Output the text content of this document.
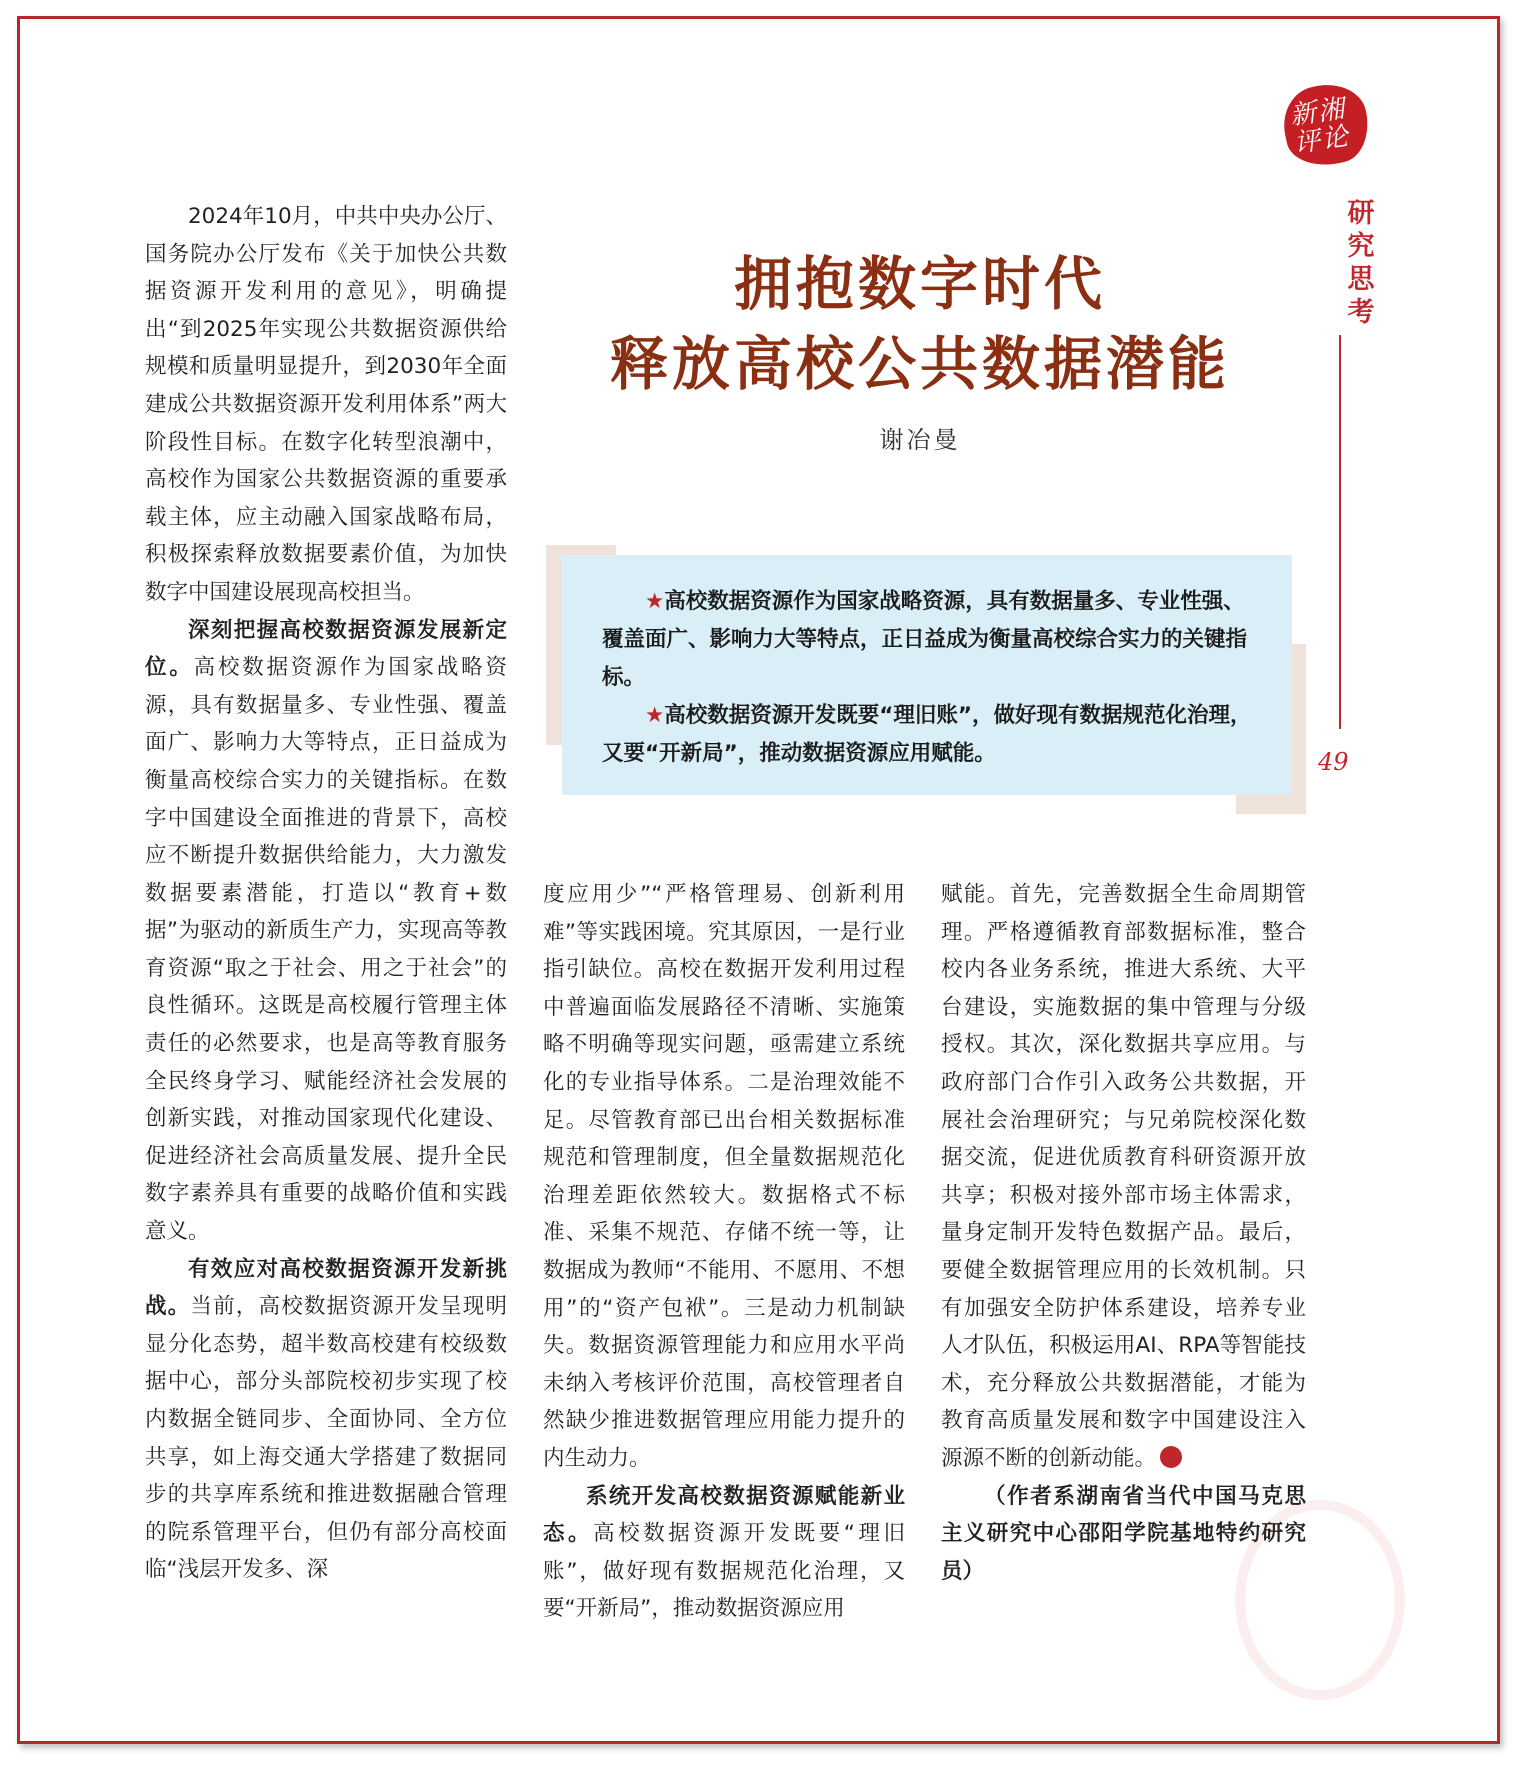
新湘评论
研究思考
49
拥抱数字时代
释放高校公共数据潜能
谢冶曼

★高校数据资源作为国家战略资源，具有数据量多、专业性强、覆盖面广、影响力大等特点，正日益成为衡量高校综合实力的关键指标。

★高校数据资源开发既要“理旧账”，做好现有数据规范化治理，又要“开新局”，推动数据资源应用赋能。

2024年10月，中共中央办公厅、国务院办公厅发布《关于加快公共数据资源开发利用的意见》，明确提出“到2025年实现公共数据资源供给规模和质量明显提升，到2030年全面建成公共数据资源开发利用体系”两大阶段性目标。在数字化转型浪潮中，高校作为国家公共数据资源的重要承载主体，应主动融入国家战略布局，积极探索释放数据要素价值，为加快数字中国建设展现高校担当。

深刻把握高校数据资源发展新定位。高校数据资源作为国家战略资源，具有数据量多、专业性强、覆盖面广、影响力大等特点，正日益成为衡量高校综合实力的关键指标。在数字中国建设全面推进的背景下，高校应不断提升数据供给能力，大力激发数据要素潜能，打造以“教育+数据”为驱动的新质生产力，实现高等教育资源“取之于社会、用之于社会”的良性循环。这既是高校履行管理主体责任的必然要求，也是高等教育服务全民终身学习、赋能经济社会发展的创新实践，对推动国家现代化建设、促进经济社会高质量发展、提升全民数字素养具有重要的战略价值和实践意义。

有效应对高校数据资源开发新挑战。当前，高校数据资源开发呈现明显分化态势，超半数高校建有校级数据中心，部分头部院校初步实现了校内数据全链同步、全面协同、全方位共享，如上海交通大学搭建了数据同步的共享库系统和推进数据融合管理的院系管理平台，但仍有部分高校面临“浅层开发多、深

度应用少”“严格管理易、创新利用难”等实践困境。究其原因，一是行业指引缺位。高校在数据开发利用过程中普遍面临发展路径不清晰、实施策略不明确等现实问题，亟需建立系统化的专业指导体系。二是治理效能不足。尽管教育部已出台相关数据标准规范和管理制度，但全量数据规范化治理差距依然较大。数据格式不标准、采集不规范、存储不统一等，让数据成为教师“不能用、不愿用、不想用”的“资产包袱”。三是动力机制缺失。数据资源管理能力和应用水平尚未纳入考核评价范围，高校管理者自然缺少推进数据管理应用能力提升的内生动力。

系统开发高校数据资源赋能新业态。高校数据资源开发既要“理旧账”，做好现有数据规范化治理，又要“开新局”，推动数据资源应用

赋能。首先，完善数据全生命周期管理。严格遵循教育部数据标准，整合校内各业务系统，推进大系统、大平台建设，实施数据的集中管理与分级授权。其次，深化数据共享应用。与政府部门合作引入政务公共数据，开展社会治理研究；与兄弟院校深化数据交流，促进优质教育科研资源开放共享；积极对接外部市场主体需求，量身定制开发特色数据产品。最后，要健全数据管理应用的长效机制。只有加强安全防护体系建设，培养专业人才队伍，积极运用AI、RPA等智能技术，充分释放公共数据潜能，才能为教育高质量发展和数字中国建设注入源源不断的创新动能。

（作者系湖南省当代中国马克思主义研究中心邵阳学院基地特约研究员）
